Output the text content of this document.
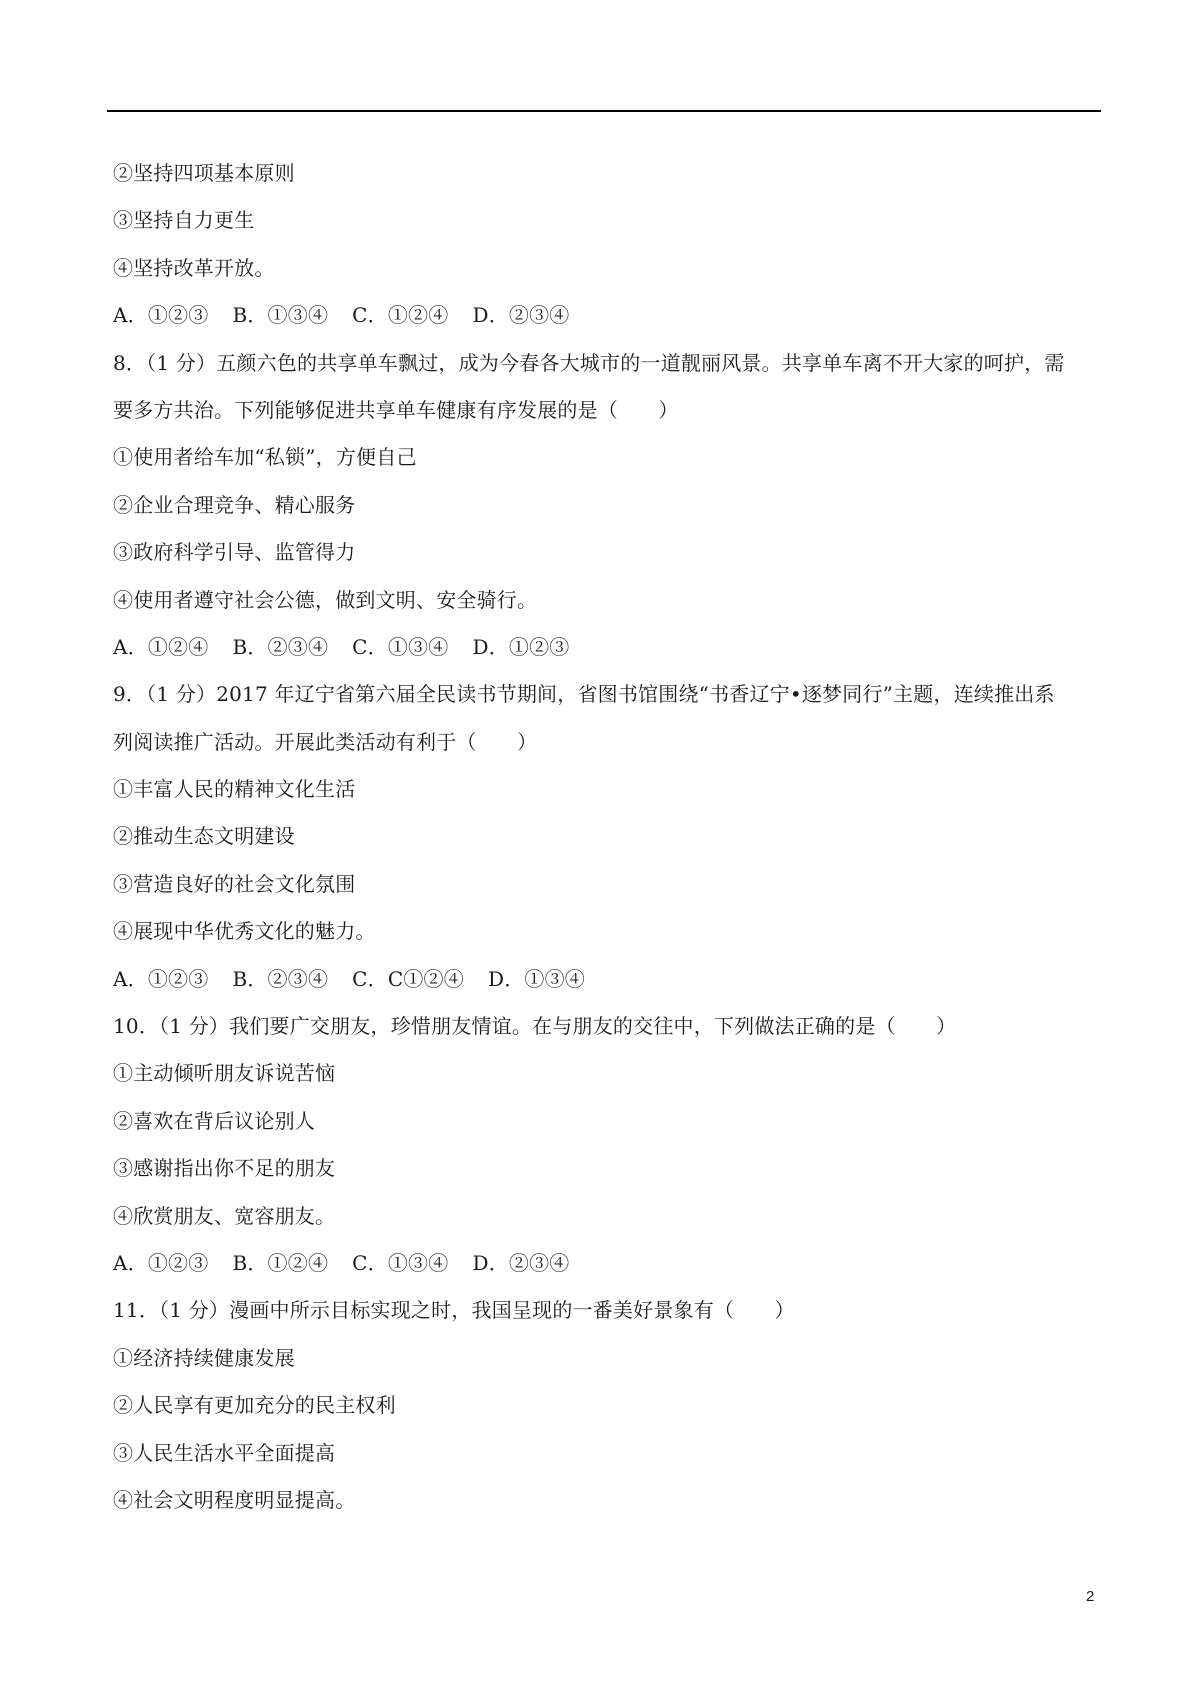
②坚持四项基本原则
③坚持自力更生
④坚持改革开放。
A．①②③ B．①③④ C．①②④ D．②③④
8．（1 分）五颜六色的共享单车飘过，成为今春各大城市的一道靓丽风景。共享单车离不开大家的呵护，需
要多方共治。下列能够促进共享单车健康有序发展的是（　　）
①使用者给车加“私锁”，方便自己
②企业合理竞争、精心服务
③政府科学引导、监管得力
④使用者遵守社会公德，做到文明、安全骑行。
A．①②④ B．②③④ C．①③④ D．①②③
9．（1 分）2017 年辽宁省第六届全民读书节期间，省图书馆围绕“书香辽宁•逐梦同行”主题，连续推出系
列阅读推广活动。开展此类活动有利于（　　）
①丰富人民的精神文化生活
②推动生态文明建设
③营造良好的社会文化氛围
④展现中华优秀文化的魅力。
A．①②③ B．②③④ C．C①②④ D．①③④
10．（1 分）我们要广交朋友，珍惜朋友情谊。在与朋友的交往中，下列做法正确的是（　　）
①主动倾听朋友诉说苦恼
②喜欢在背后议论别人
③感谢指出你不足的朋友
④欣赏朋友、宽容朋友。
A．①②③ B．①②④ C．①③④ D．②③④
11．（1 分）漫画中所示目标实现之时，我国呈现的一番美好景象有（　　）
①经济持续健康发展
②人民享有更加充分的民主权利
③人民生活水平全面提高
④社会文明程度明显提高。
2
